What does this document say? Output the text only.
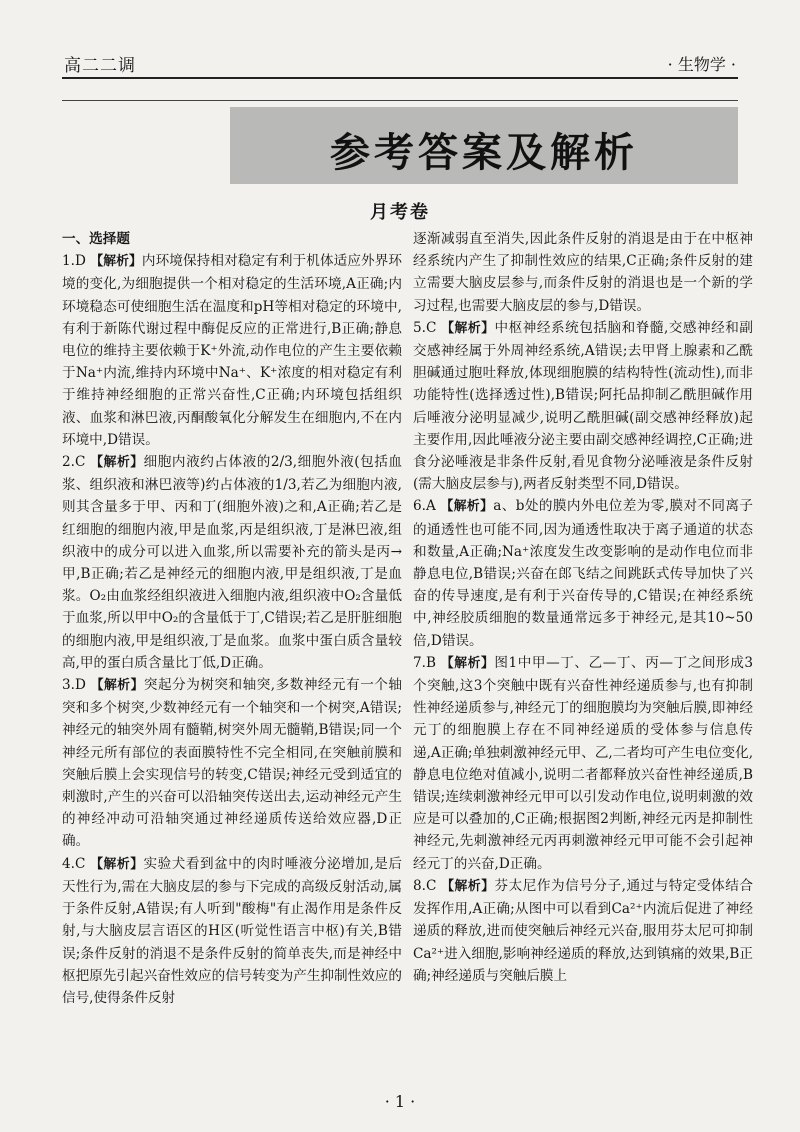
高二二调	· 生物学 ·
参考答案及解析
月考卷

一、选择题

1.D 【解析】内环境保持相对稳定有利于机体适应外界环境的变化,为细胞提供一个相对稳定的生活环境,A正确;内环境稳态可使细胞生活在温度和pH等相对稳定的环境中,有利于新陈代谢过程中酶促反应的正常进行,B正确;静息电位的维持主要依赖于K⁺外流,动作电位的产生主要依赖于Na⁺内流,维持内环境中Na⁺、K⁺浓度的相对稳定有利于维持神经细胞的正常兴奋性,C正确;内环境包括组织液、血浆和淋巴液,丙酮酸氧化分解发生在细胞内,不在内环境中,D错误。

2.C 【解析】细胞内液约占体液的2/3,细胞外液(包括血浆、组织液和淋巴液等)约占体液的1/3,若乙为细胞内液,则其含量多于甲、丙和丁(细胞外液)之和,A正确;若乙是红细胞的细胞内液,甲是血浆,丙是组织液,丁是淋巴液,组织液中的成分可以进入血浆,所以需要补充的箭头是丙→甲,B正确;若乙是神经元的细胞内液,甲是组织液,丁是血浆。O₂由血浆经组织液进入细胞内液,组织液中O₂含量低于血浆,所以甲中O₂的含量低于丁,C错误;若乙是肝脏细胞的细胞内液,甲是组织液,丁是血浆。血浆中蛋白质含量较高,甲的蛋白质含量比丁低,D正确。

3.D 【解析】突起分为树突和轴突,多数神经元有一个轴突和多个树突,少数神经元有一个轴突和一个树突,A错误;神经元的轴突外周有髓鞘,树突外周无髓鞘,B错误;同一个神经元所有部位的表面膜特性不完全相同,在突触前膜和突触后膜上会实现信号的转变,C错误;神经元受到适宜的刺激时,产生的兴奋可以沿轴突传送出去,运动神经元产生的神经冲动可沿轴突通过神经递质传送给效应器,D正确。

4.C 【解析】实验犬看到盆中的肉时唾液分泌增加,是后天性行为,需在大脑皮层的参与下完成的高级反射活动,属于条件反射,A错误;有人听到"酸梅"有止渴作用是条件反射,与大脑皮层言语区的H区(听觉性语言中枢)有关,B错误;条件反射的消退不是条件反射的简单丧失,而是神经中枢把原先引起兴奋性效应的信号转变为产生抑制性效应的信号,使得条件反射

逐渐减弱直至消失,因此条件反射的消退是由于在中枢神经系统内产生了抑制性效应的结果,C正确;条件反射的建立需要大脑皮层参与,而条件反射的消退也是一个新的学习过程,也需要大脑皮层的参与,D错误。

5.C 【解析】中枢神经系统包括脑和脊髓,交感神经和副交感神经属于外周神经系统,A错误;去甲肾上腺素和乙酰胆碱通过胞吐释放,体现细胞膜的结构特性(流动性),而非功能特性(选择透过性),B错误;阿托品抑制乙酰胆碱作用后唾液分泌明显减少,说明乙酰胆碱(副交感神经释放)起主要作用,因此唾液分泌主要由副交感神经调控,C正确;进食分泌唾液是非条件反射,看见食物分泌唾液是条件反射(需大脑皮层参与),两者反射类型不同,D错误。

6.A 【解析】a、b处的膜内外电位差为零,膜对不同离子的通透性也可能不同,因为通透性取决于离子通道的状态和数量,A正确;Na⁺浓度发生改变影响的是动作电位而非静息电位,B错误;兴奋在郎飞结之间跳跃式传导加快了兴奋的传导速度,是有利于兴奋传导的,C错误;在神经系统中,神经胶质细胞的数量通常远多于神经元,是其10~50倍,D错误。

7.B 【解析】图1中甲—丁、乙—丁、丙—丁之间形成3个突触,这3个突触中既有兴奋性神经递质参与,也有抑制性神经递质参与,神经元丁的细胞膜均为突触后膜,即神经元丁的细胞膜上存在不同神经递质的受体参与信息传递,A正确;单独刺激神经元甲、乙,二者均可产生电位变化,静息电位绝对值减小,说明二者都释放兴奋性神经递质,B错误;连续刺激神经元甲可以引发动作电位,说明刺激的效应是可以叠加的,C正确;根据图2判断,神经元丙是抑制性神经元,先刺激神经元丙再刺激神经元甲可能不会引起神经元丁的兴奋,D正确。

8.C 【解析】芬太尼作为信号分子,通过与特定受体结合发挥作用,A正确;从图中可以看到Ca²⁺内流后促进了神经递质的释放,进而使突触后神经元兴奋,服用芬太尼可抑制Ca²⁺进入细胞,影响神经递质的释放,达到镇痛的效果,B正确;神经递质与突触后膜上

· 1 ·
